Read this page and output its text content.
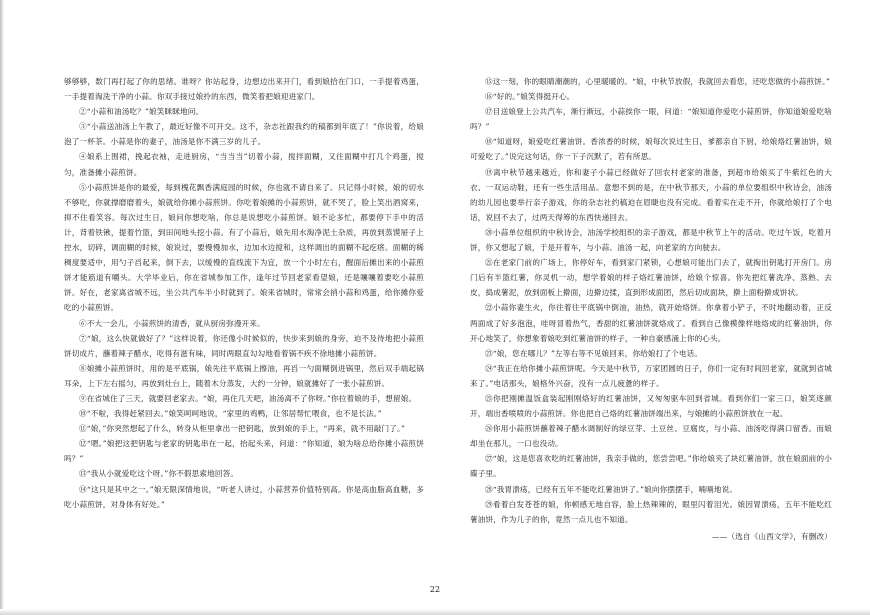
够够够，数门再打起了你的思绪。谁呀？你站起身，边想边出来开门，看到娘拾在门口，一手提着鸡蛋，一手提着淘洗干净的小蒜。你双手接过娘拎的东西，微笑着把娘迎进家门。

②“小蒜和油汤吃？”娘笑眯眯地问。

③“小蒜送油汤上午教了，最近好像不可开交。这不，杂志社跟我约的稿都到年底了！”你说着，给娘泡了一杯茶。小蒜是你的妻子，油汤是你不满三岁的儿子。

④娘系上围裙，挽起衣袖，走进厨房，“当当当”切着小蒜，搅拌面糊，又往面糊中打几个鸡蛋，搅匀，准备摊小蒜煎饼。

⑤小蒜煎饼是你的最爱，每到槐花飘香满庭园的时候，你也就不请自来了。只记得小时候，娘的切水不够吃，你就撑磨磨着头，娘就给你摊小蒜煎饼。你吃着娘摊的小蒜煎饼，就不哭了，脸上笑出酒窝来，抑不住看笑容。每次过生日，娘问你想吃啥，你总是说想吃小蒜煎饼。娘不论多忙，都要停下手中的活计，背着铁锹，提着竹篮，到田间地头挖小蒜。有了小蒜后，娘先用水淘净泥土杂质，再放到蒸馍屉子上控水，切碎，调面糊的时候，娘说过，要慢慢加水，边加水边搅和，这样调出的面糊不起疙瘩。面糊的稀稠度要适中，用勺子舀起来，倒下去，以缓慢的直线流下为宜，放一个小时左右，醒面后摊出来的小蒜煎饼才能筋道有嚼头。大学毕业后，你在省城参加工作，逢年过节回老家看望娘，还是嚷嚷着要吃小蒜煎饼。好在，老家离省城不远，坐公共汽车半小时就到了。娘来省城时，常常会捎小蒜和鸡蛋，给你摊你爱吃的小蒜煎饼。

⑥不大一会儿，小蒜煎饼的清香，就从厨房弥漫开来。

⑦“娘，这么快就做好了？”这样说着，你还像小时候似的，快步来到娘的身旁，迫不及待地把小蒜煎饼切成片，蘸着辣子醋水，吃得有滋有味，同时两眼直勾勾地看着锅不疾不徐地摊小蒜煎饼。

⑧娘摊小蒜煎饼时，用的是平底锅，娘先往平底锅上擦油，再舀一勺面糊倒进锅里，然后双手端起锅耳朵，上下左右摇匀，再放到灶台上，随着木分蒸发，大约一分钟，娘就摊好了一张小蒜煎饼。

⑨在省城住了三天，就要回老家去。“娘，再住几天吧，油汤离不了你呀。”你拉着娘的手，想留娘。

⑩“不啦，我得赶紧回去。”娘笑呵呵地说，“家里的鸡鸭，让邻居帮忙喂食，也不是长法。”

⑪“娘，”你突然想起了什么，转身从柜里拿出一把钥匙，放到娘的手上，“再来，就不用敲门了。”

⑫“嗯。”娘把这把钥匙与老家的钥匙串在一起，抬起头来，问道：“你知道，娘为啥总给你摊小蒜煎饼吗？”

⑬“我从小就爱吃这个呀。”你不假思索地回答。

⑭“这只是其中之一。”娘无限深情地说，“听老人讲过，小蒜营养价值特别高。你是高血脂高血糖，多吃小蒜煎饼，对身体有好处。”

⑮这一刻，你的眼睛潮潮的，心里暖暖的。“娘，中秋节放假，我就回去看您，还吃您做的小蒜煎饼。”

⑯“好的。”娘笑得挺开心。

⑰目送娘登上公共汽车，渐行渐远，小蒜挨你一眼，问道：“娘知道你爱吃小蒜煎饼，你知道娘爱吃啥吗？”

⑱“知道呀，娘爱吃红薯油饼。香浓香的时候，娘每次说过生日，爹都亲自下厨，给娘烙红薯油饼，娘可爱吃了。”说完这句话，你一下子沉默了，若有所思。

⑲离中秋节越来越近，你和妻子小蒜已经做好了回农村老家的准备，到超市给娘买了牛紫红色的大衣、一双运动鞋，还有一些生活用品。意想不到的是，在中秋节那天，小蒜的单位要组织中秋诗会，油汤的幼儿园也要举行亲子游戏，你的杂志社约稿迫在眉睫也没有完成。看着实在走不开，你就给娘打了个电话，说回不去了，过两天得筹的东西快递回去。

⑳小蒜单位组织的中秋诗会，油汤学校组织的亲子游戏，都是中秋节上午的活动。吃过午饭，吃着月饼，你又想起了娘，于是开着车，与小蒜、油汤一起，向老家的方向驶去。

㉑在老家门前的广场上，你停好车，看到家门紧锁，心想娘可能出门去了，就掏出钥匙打开房门。房门后有半篮红薯，你灵机一动，想学着娘的样子烙红薯油饼，给娘个惊喜。你先把红薯洗净、蒸熟、去皮，捣成薯泥，放到面板上擀面，边擀边揉，直到形成面团，然后切成面块，擀上面粉擀成饼状。

㉒小蒜你妻生火，你往着往平底锅中倒油，油热，就开始烙饼。你拿着小铲子，不时地翻动着，正反两面成了好多泡泡，哇呀冒着热气，香甜的红薯油饼就烙成了。看到自己像模像样地烙成的红薯油饼，你开心地笑了，你想象着娘吃到红薯油饼的样子，一种自豪感涌上你的心头。

㉓“娘，您在哪儿？”左等右等不见娘回来，你给娘打了个电话。

㉔“我正在给你摊小蒜煎饼呢。今天是中秋节，万家团圆的日子，你们一定有时间回老家，就就到省城来了。”电话那头，娘格外兴奋，没有一点儿疲惫的样子。

㉕你把刚摊温饭盒装起刚刚烙好的红薯油饼，又匆匆驱车回到省城。看到你们一家三口，娘笑逐颜开，端出香喷喷的小蒜煎饼。你也把自己烙的红薯油饼端出来，与娘摊的小蒜煎饼放在一起。

㉖你用小蒜煎饼蘸着辣子醋水调制好的绿豆芽、土豆丝、豆腐皮，与小蒜、油汤吃得满口留香。而娘却坐在那儿，一口也没动。

㉗“娘，这是您喜欢吃的红薯油饼，我亲手做的，您尝尝吧。”你给娘夹了块红薯油饼，放在娘面前的小碟子里。

㉘“我胃溃疡，已经有五年不能吃红薯油饼了。”娘向你摆摆手，喃喃地说。

㉙看着白发苍苍的娘，你顿感无地自容，脸上热辣辣的，眼里闪着泪光。娘因胃溃疡，五年不能吃红薯油饼，作为儿子的你，竟然一点儿也不知道。

——（选自《山西文学》，有删改）

22
